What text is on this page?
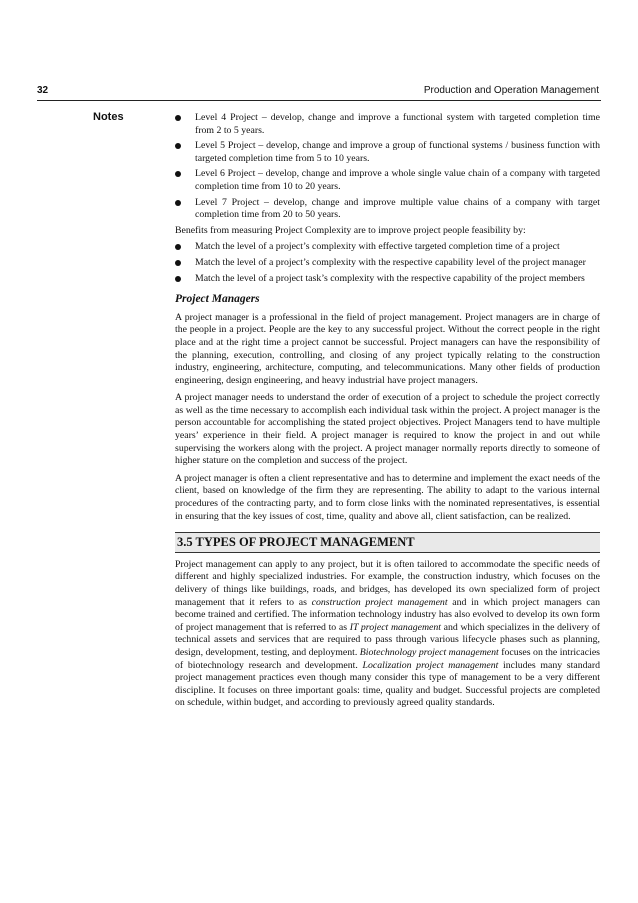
32	Production and Operation Management
Notes	Level 4 Project – develop, change and improve a functional system with targeted completion time from 2 to 5 years.
Level 5 Project – develop, change and improve a group of functional systems / business function with targeted completion time from 5 to 10 years.
Level 6 Project – develop, change and improve a whole single value chain of a company with targeted completion time from 10 to 20 years.
Level 7 Project – develop, change and improve multiple value chains of a company with target completion time from 20 to 50 years.

Benefits from measuring Project Complexity are to improve project people feasibility by:

Match the level of a project’s complexity with effective targeted completion time of a project
Match the level of a project’s complexity with the respective capability level of the project manager
Match the level of a project task’s complexity with the respective capability of the project members
Project Managers

A project manager is a professional in the field of project management. Project managers are in charge of the people in a project. People are the key to any successful project. Without the correct people in the right place and at the right time a project cannot be successful. Project managers can have the responsibility of the planning, execution, controlling, and closing of any project typically relating to the construction industry, engineering, architecture, computing, and telecommunications. Many other fields of production engineering, design engineering, and heavy industrial have project managers.

A project manager needs to understand the order of execution of a project to schedule the project correctly as well as the time necessary to accomplish each individual task within the project. A project manager is the person accountable for accomplishing the stated project objectives. Project Managers tend to have multiple years’ experience in their field. A project manager is required to know the project in and out while supervising the workers along with the project. A project manager normally reports directly to someone of higher stature on the completion and success of the project.

A project manager is often a client representative and has to determine and implement the exact needs of the client, based on knowledge of the firm they are representing. The ability to adapt to the various internal procedures of the contracting party, and to form close links with the nominated representatives, is essential in ensuring that the key issues of cost, time, quality and above all, client satisfaction, can be realized.

3.5 TYPES OF PROJECT MANAGEMENT

Project management can apply to any project, but it is often tailored to accommodate the specific needs of different and highly specialized industries. For example, the construction industry, which focuses on the delivery of things like buildings, roads, and bridges, has developed its own specialized form of project management that it refers to as construction project management and in which project managers can become trained and certified. The information technology industry has also evolved to develop its own form of project management that is referred to as IT project management and which specializes in the delivery of technical assets and services that are required to pass through various lifecycle phases such as planning, design, development, testing, and deployment. Biotechnology project management focuses on the intricacies of biotechnology research and development. Localization project management includes many standard project management practices even though many consider this type of management to be a very different discipline. It focuses on three important goals: time, quality and budget. Successful projects are completed on schedule, within budget, and according to previously agreed quality standards.
